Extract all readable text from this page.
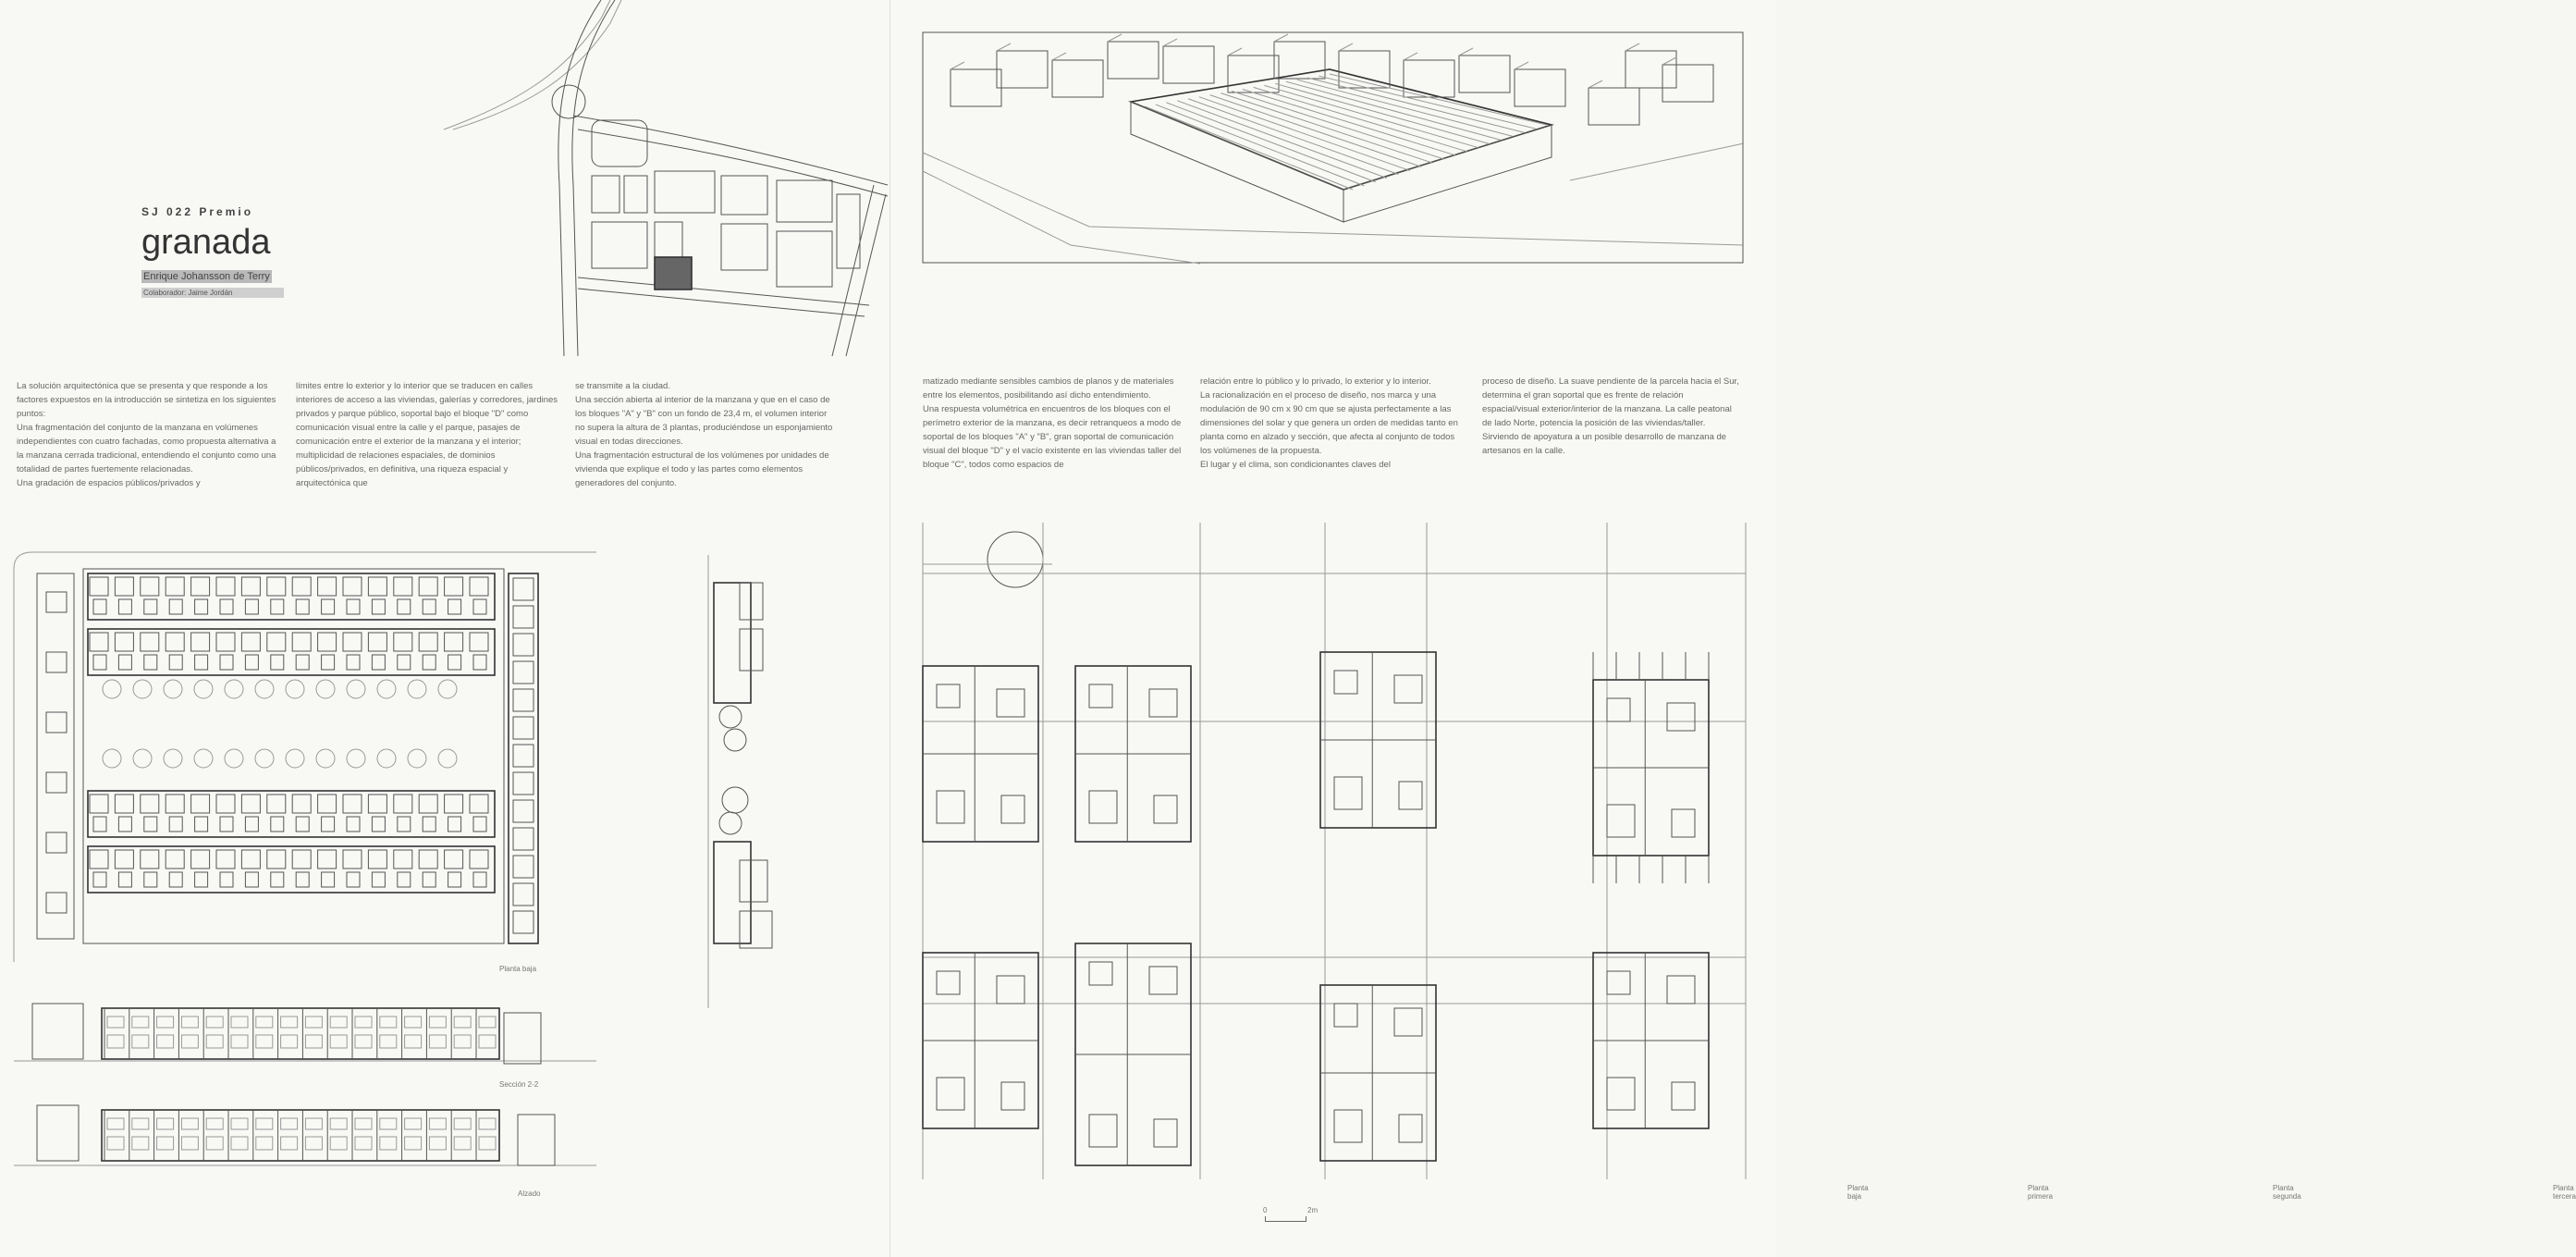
SJ 022 Premio
granada
Enrique Johansson de Terry
Colaborador: Jaime Jordán

La solución arquitectónica que se presenta y que responde a los factores expuestos en la introducción se sintetiza en los siguientes puntos:

Una fragmentación del conjunto de la manzana en volúmenes independientes con cuatro fachadas, como propuesta alternativa a la manzana cerrada tradicional, entendiendo el conjunto como una totalidad de partes fuertemente relacionadas.

Una gradación de espacios públicos/privados y

límites entre lo exterior y lo interior que se traducen en calles interiores de acceso a las viviendas, galerías y corredores, jardines privados y parque público, soportal bajo el bloque "D" como comunicación visual entre la calle y el parque, pasajes de comunicación entre el exterior de la manzana y el interior; multiplicidad de relaciones espaciales, de dominios públicos/privados, en definitiva, una riqueza espacial y arquitectónica que

se transmite a la ciudad.

Una sección abierta al interior de la manzana y que en el caso de los bloques "A" y "B" con un fondo de 23,4 m, el volumen interior no supera la altura de 3 plantas, produciéndose un esponjamiento visual en todas direcciones.

Una fragmentación estructural de los volúmenes por unidades de vivienda que explique el todo y las partes como elementos generadores del conjunto.

Planta baja
Sección 2-2
Alzado

matizado mediante sensibles cambios de planos y de materiales entre los elementos, posibilitando así dicho entendimiento.

Una respuesta volumétrica en encuentros de los bloques con el perímetro exterior de la manzana, es decir retranqueos a modo de soportal de los bloques "A" y "B", gran soportal de comunicación visual del bloque "D" y el vacío existente en las viviendas taller del bloque "C", todos como espacios de

relación entre lo público y lo privado, lo exterior y lo interior.

La racionalización en el proceso de diseño, nos marca y una modulación de 90 cm x 90 cm que se ajusta perfectamente a las dimensiones del solar y que genera un orden de medidas tanto en planta como en alzado y sección, que afecta al conjunto de todos los volúmenes de la propuesta.

El lugar y el clima, son condicionantes claves del

proceso de diseño. La suave pendiente de la parcela hacia el Sur, determina el gran soportal que es frente de relación espacial/visual exterior/interior de la manzana. La calle peatonal de lado Norte, potencia la posición de las viviendas/taller. Sirviendo de apoyatura a un posible desarrollo de manzana de artesanos en la calle.

Planta baja
Planta primera
Planta segunda
Planta tercera
0	2m
